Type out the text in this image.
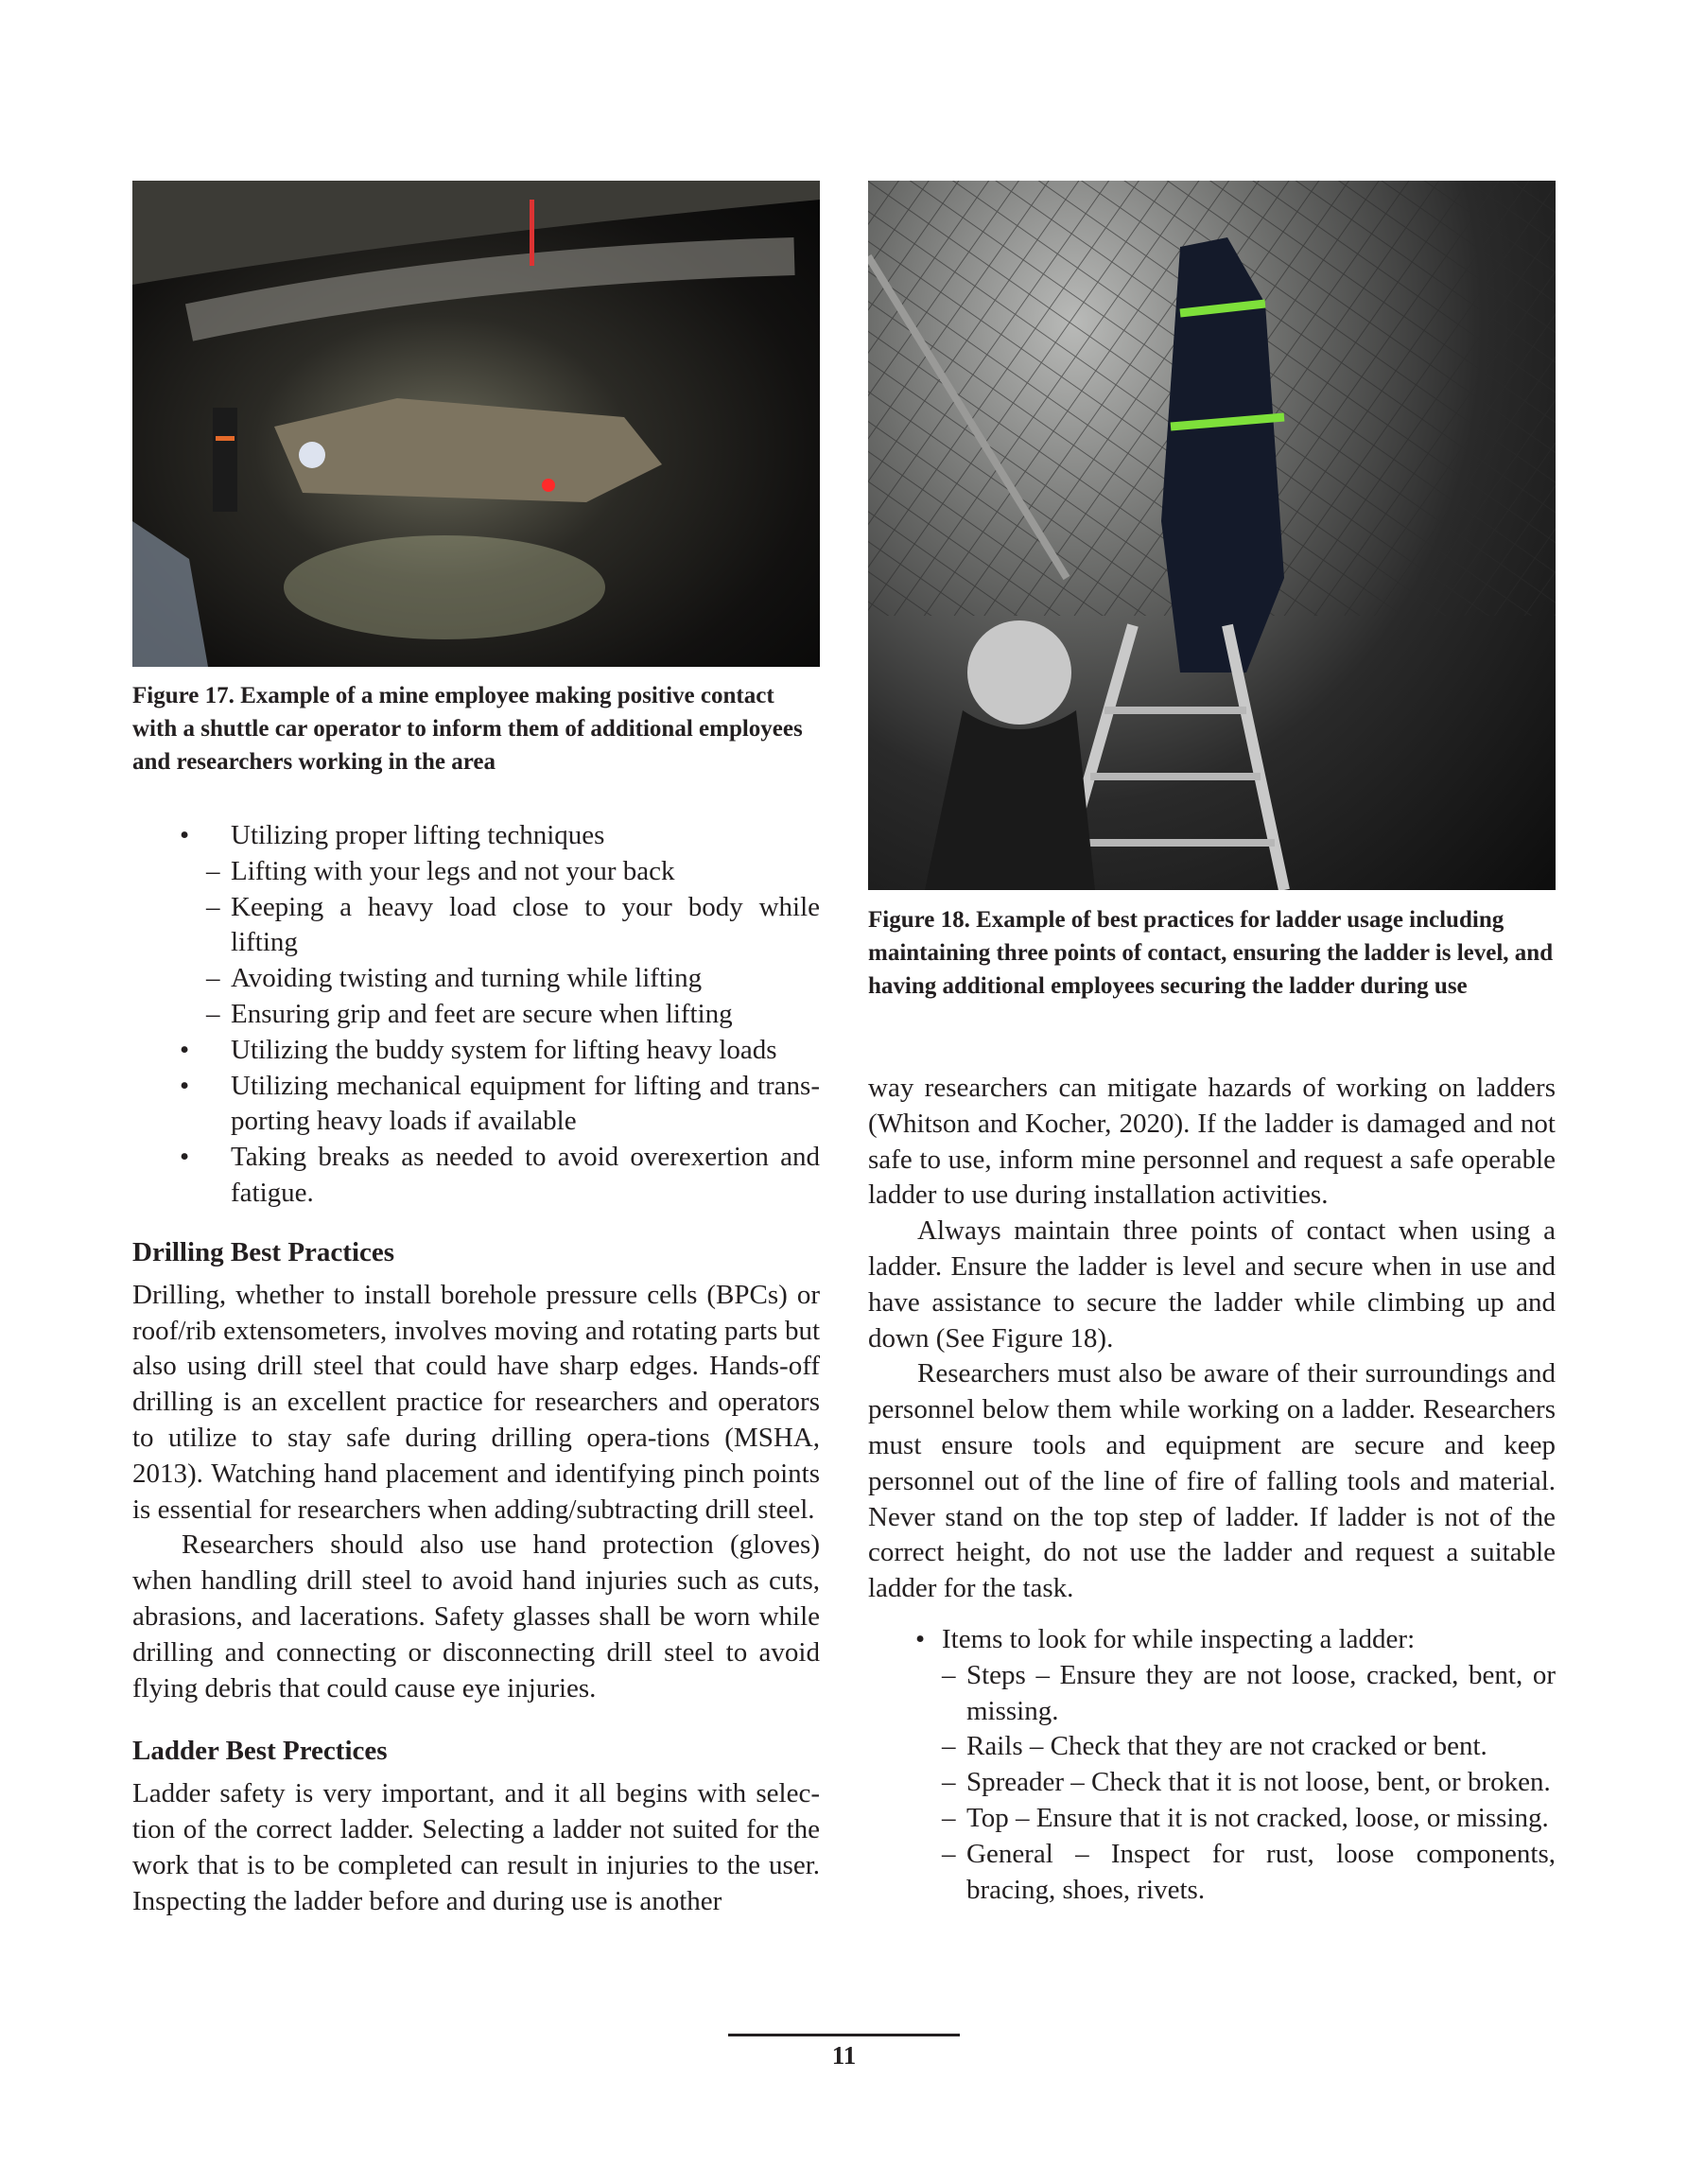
Figure 17. Example of a mine employee making positive contact with a shuttle car operator to inform them of additional employees and researchers working in the area
Figure 18. Example of best practices for ladder usage including maintaining three points of contact, ensuring the ladder is level, and having additional employees securing the ladder during use
• Utilizing proper lifting techniques
– Lifting with your legs and not your back
– Keeping a heavy load close to your body while lifting
– Avoiding twisting and turning while lifting
– Ensuring grip and feet are secure when lifting
• Utilizing the buddy system for lifting heavy loads
• Utilizing mechanical equipment for lifting and trans-porting heavy loads if available
• Taking breaks as needed to avoid overexertion and fatigue.
Drilling Best Practices

Drilling, whether to install borehole pressure cells (BPCs) or roof/rib extensometers, involves moving and rotating parts but also using drill steel that could have sharp edges. Hands-off drilling is an excellent practice for researchers and operators to utilize to stay safe during drilling opera-tions (MSHA, 2013). Watching hand placement and identifying pinch points is essential for researchers when adding/subtracting drill steel.

Researchers should also use hand protection (gloves) when handling drill steel to avoid hand injuries such as cuts, abrasions, and lacerations. Safety glasses shall be worn while drilling and connecting or disconnecting drill steel to avoid flying debris that could cause eye injuries.

Ladder Best Prectices

Ladder safety is very important, and it all begins with selec-tion of the correct ladder. Selecting a ladder not suited for the work that is to be completed can result in injuries to the user. Inspecting the ladder before and during use is another

way researchers can mitigate hazards of working on ladders (Whitson and Kocher, 2020). If the ladder is damaged and not safe to use, inform mine personnel and request a safe operable ladder to use during installation activities.

Always maintain three points of contact when using a ladder. Ensure the ladder is level and secure when in use and have assistance to secure the ladder while climbing up and down (See Figure 18).

Researchers must also be aware of their surroundings and personnel below them while working on a ladder. Researchers must ensure tools and equipment are secure and keep personnel out of the line of fire of falling tools and material. Never stand on the top step of ladder. If ladder is not of the correct height, do not use the ladder and request a suitable ladder for the task.

• Items to look for while inspecting a ladder:
– Steps – Ensure they are not loose, cracked, bent, or missing.
– Rails – Check that they are not cracked or bent.
– Spreader – Check that it is not loose, bent, or broken.
– Top – Ensure that it is not cracked, loose, or missing.
– General – Inspect for rust, loose components, bracing, shoes, rivets.
11
